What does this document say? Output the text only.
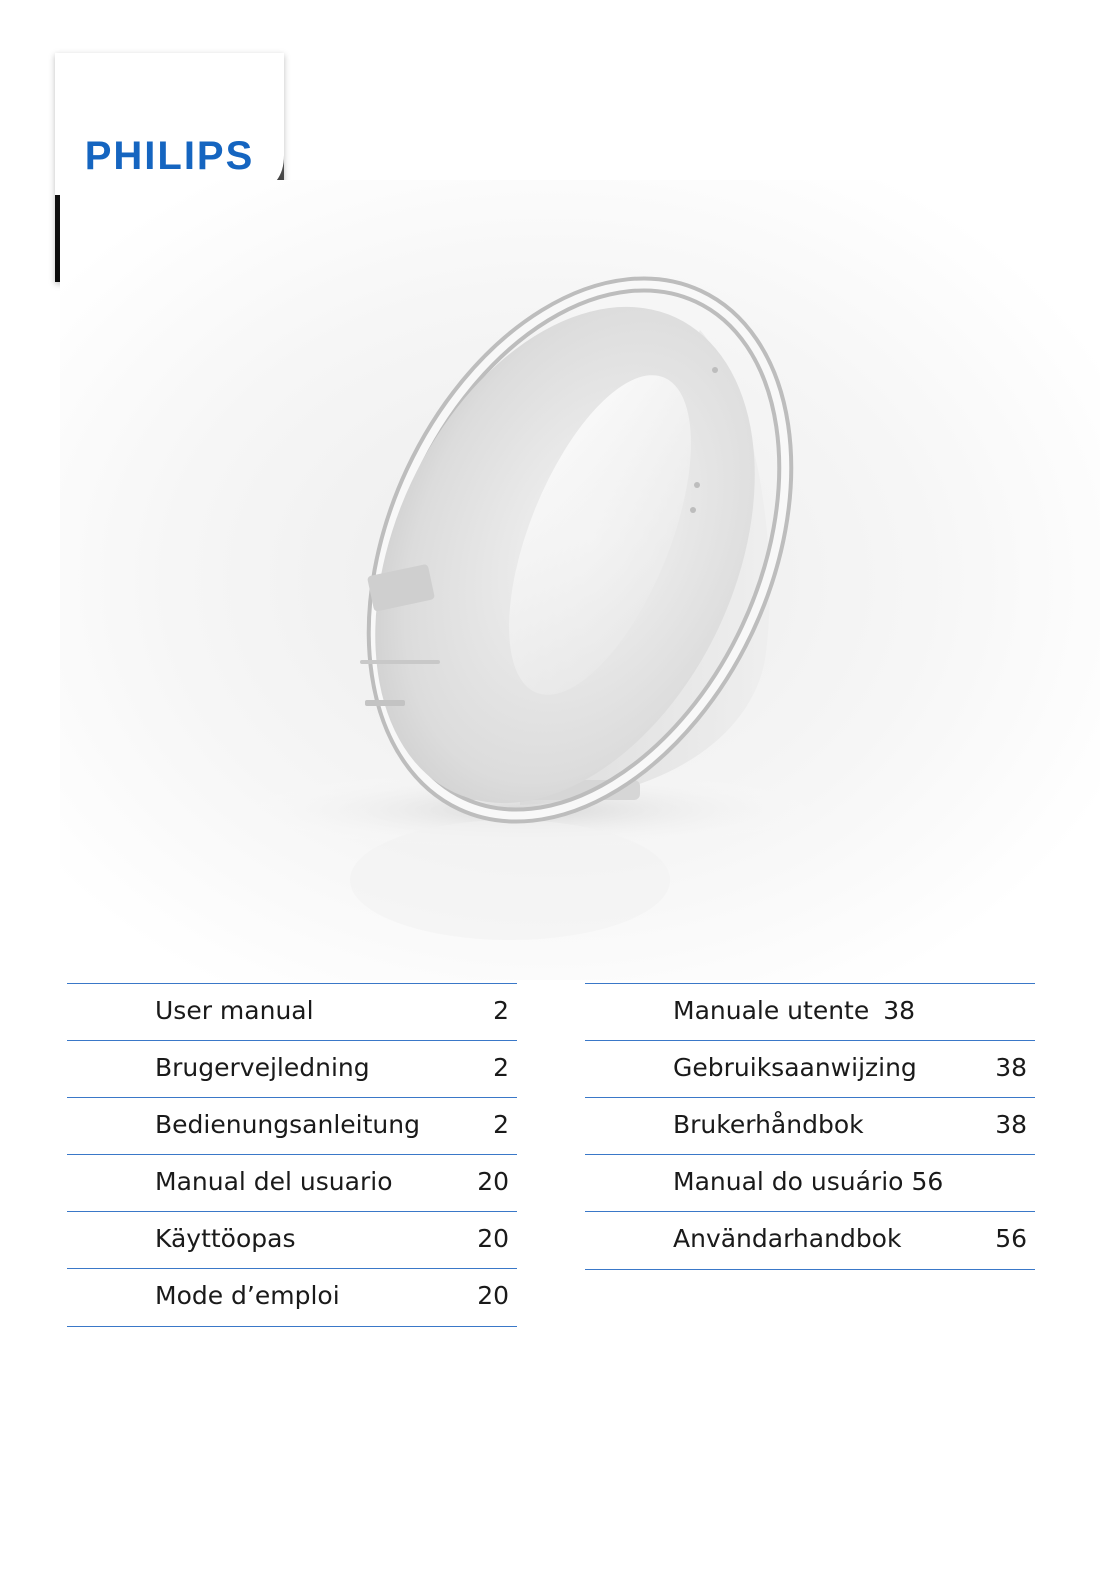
PHILIPS
User manual	2
Brugervejledning	2
Bedienungsanleitung	2
Manual del usuario	20
Käyttöopas	20
Mode d’emploi	20
Manuale utente 38
Gebruiksaanwijzing	38
Brukerhåndbok	38
Manual do usuário 56
Användarhandbok	56
